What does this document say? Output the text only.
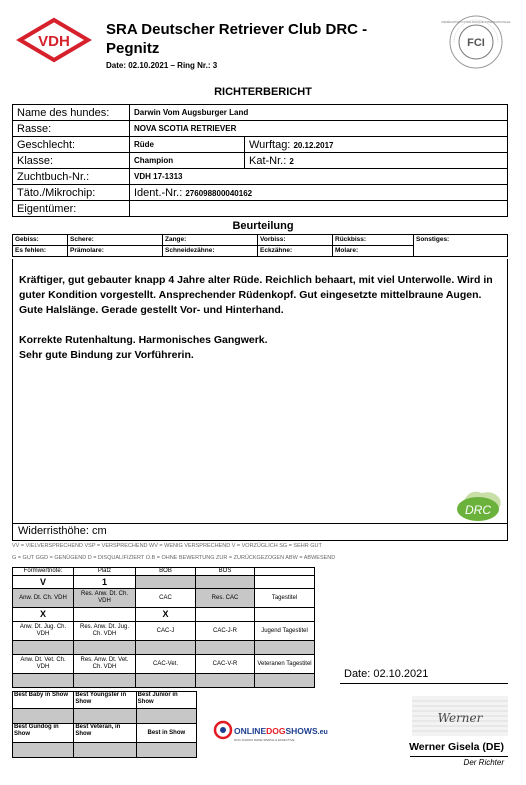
VDH
SRA Deutscher Retriever Club DRC -
Pegnitz
Date: 02.10.2021 – Ring Nr.: 3
FCI
FÉDÉRATION CYNOLOGIQUE INTERNATIONALE
RICHTERBERICHT
Name des hundes:	Darwin Vom Augsburger Land	
Rasse:	NOVA SCOTIA RETRIEVER	
Geschlecht:	Rüde	Wurftag: 20.12.2017
Klasse:	Champion	Kat-Nr.: 2
Zuchtbuch-Nr.:	VDH 17-1313	
Täto./Mikrochip:	Ident.-Nr.: 276098800040162	
Eigentümer:		
Beurteilung
Gebiss:	Schere:	Zange:	Vorbiss:	Rückbiss:	Sonstiges:
Es fehlen:	Prämolare:	Schneidezähne:	Eckzähne:	Molare:	
Kräftiger, gut gebauter knapp 4 Jahre alter Rüde. Reichlich behaart, mit viel Unterwolle. Wird in guter Kondition vorgestellt. Ansprechender Rüdenkopf. Gut eingesetzte mittelbraune Augen. Gute Halslänge. Gerade gestellt Vor- und Hinterhand.
Korrekte Rutenhaltung. Harmonisches Gangwerk.
Sehr gute Bindung zur Vorführerin.
DRC
Widerristhöhe: cm
VV = VIELVERSPRECHEND VSP = VERSPRECHEND WV = WENIG VERSPRECHEND V = VORZÜGLICH SG = SEHR GUT
G = GUT GGD = GENÜGEND D = DISQUALIFIZIERT O.B = OHNE BEWERTUNG ZUR = ZURÜCKGEZOGEN ABW = ABWESEND
Formwertnote:	Platz	BOB	BOS	
V	1			
Anw. Dt. Ch. VDH	Res. Anw. Dt. Ch. VDH	CAC	Res. CAC	Tagestitel
X		X		
Anw. Dt. Jug. Ch. VDH	Res. Anw. Dt. Jug. Ch. VDH	CAC-J	CAC-J-R	Jugend Tagestitel

Anw. Dt. Vet. Ch. VDH	Res. Anw. Dt. Vet. Ch. VDH	CAC-Vet.	CAC-V-R	Veteranen Tagestitel

Best Baby in Show	Best Youngster in Show	Best Junior in Show

Best Gundog in Show	Best Veteran, in Show	Best in Show
			ONLINEDOGSHOWS.eu
DOG SHOWS MADE SIMPLE & EFFECTIVE
Date: 02.10.2021
Werner
Werner Gisela (DE)
Der Richter
